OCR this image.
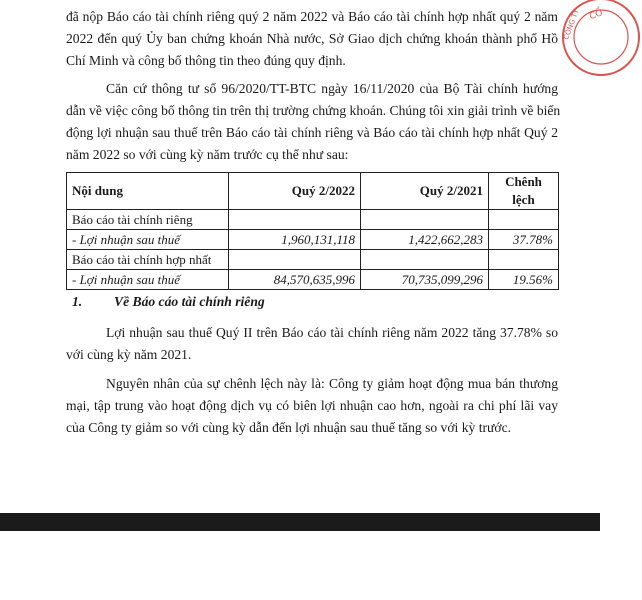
CÔNG TY CỔ
đã nộp Báo cáo tài chính riêng quý 2 năm 2022 và Báo cáo tài chính hợp nhất quý 2 năm
2022 đến quý Ủy ban chứng khoán Nhà nước, Sở Giao dịch chứng khoán thành phố Hồ
Chí Minh và công bố thông tin theo đúng quy định.
Căn cứ thông tư số 96/2020/TT-BTC ngày 16/11/2020 của Bộ Tài chính hướng
dẫn về việc công bố thông tin trên thị trường chứng khoán. Chúng tôi xin giải trình về biến
động lợi nhuận sau thuế trên Báo cáo tài chính riêng và Báo cáo tài chính hợp nhất Quý 2
năm 2022 so với cùng kỳ năm trước cụ thể như sau:
Nội dung	Quý 2/2022	Quý 2/2021	Chênh lệch
Báo cáo tài chính riêng			
- Lợi nhuận sau thuế	1,960,131,118	1,422,662,283	37.78%
Báo cáo tài chính hợp nhất			
- Lợi nhuận sau thuế	84,570,635,996	70,735,099,296	19.56%
1. Về Báo cáo tài chính riêng
Lợi nhuận sau thuế Quý II trên Báo cáo tài chính riêng năm 2022 tăng 37.78% so
với cùng kỳ năm 2021.
Nguyên nhân của sự chênh lệch này là: Công ty giảm hoạt động mua bán thương
mại, tập trung vào hoạt động dịch vụ có biên lợi nhuận cao hơn, ngoài ra chi phí lãi vay
của Công ty giảm so với cùng kỳ dẫn đến lợi nhuận sau thuế tăng so với kỳ trước.
